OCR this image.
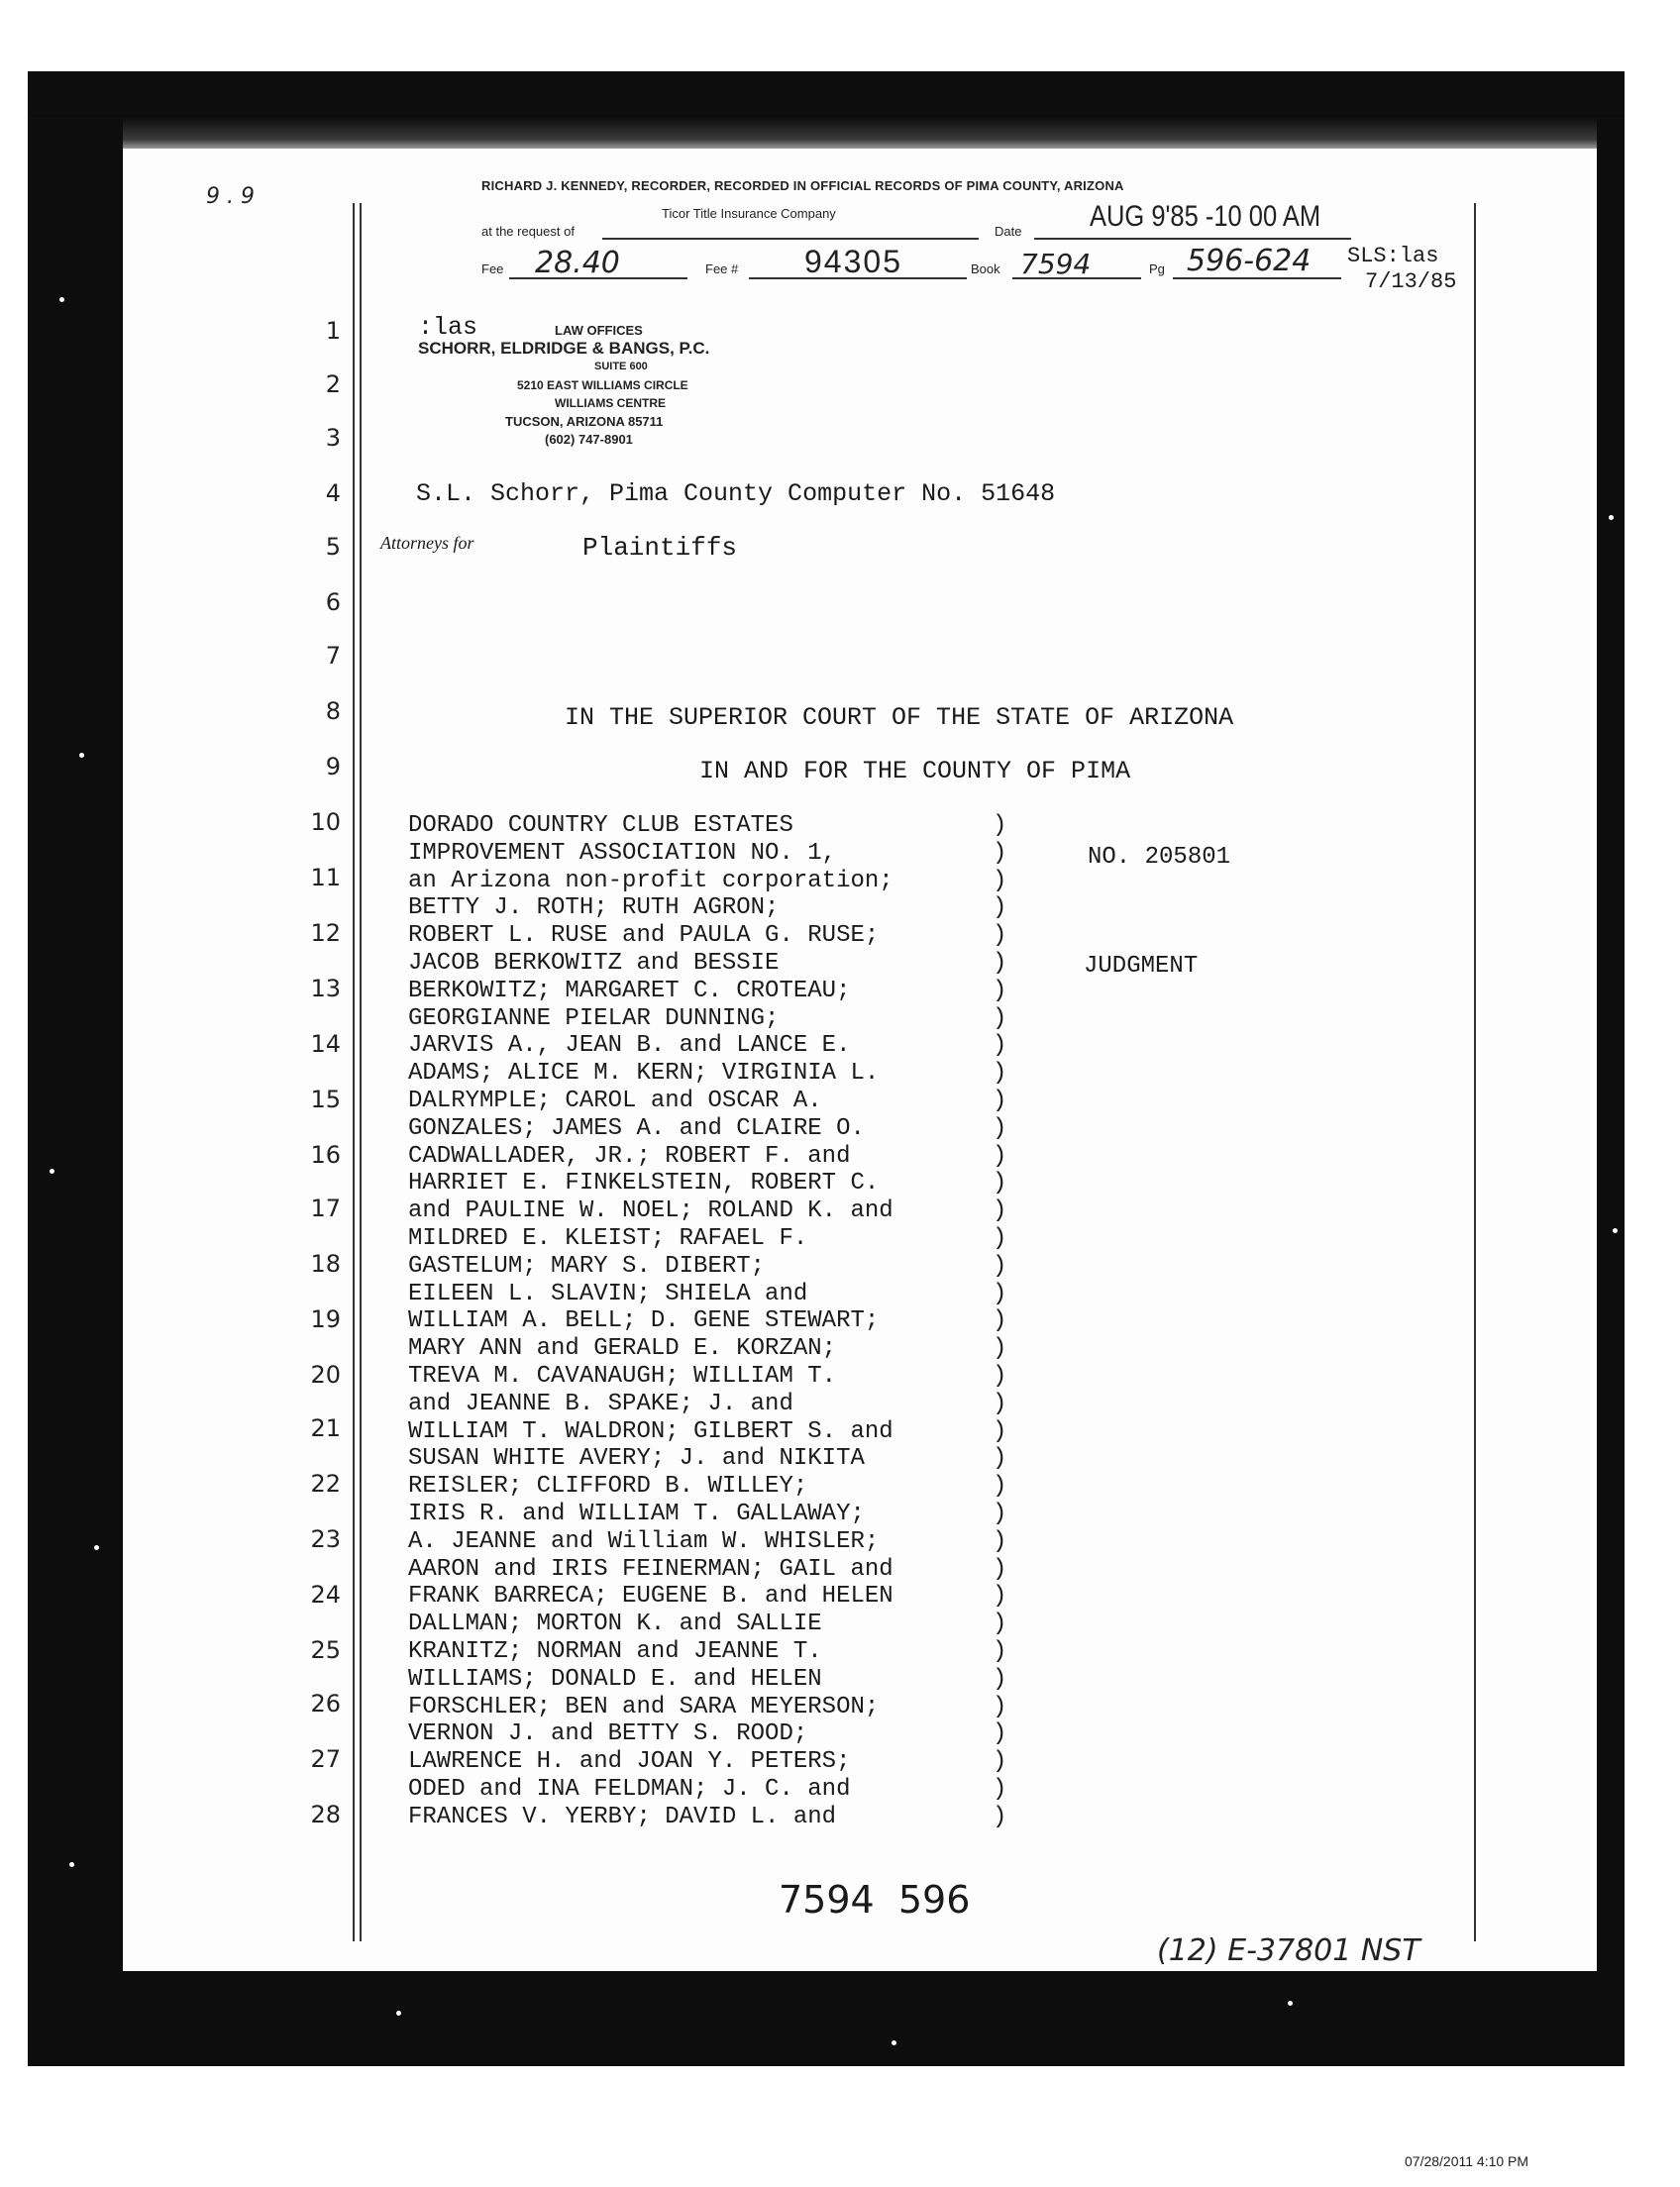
RICHARD J. KENNEDY, RECORDER, RECORDED IN OFFICIAL RECORDS OF PIMA COUNTY, ARIZONA
at the request of
Ticor Title Insurance Company
Date AUG 9'85 -10 00 AM
Fee 28.40	Fee # 94305	Book 7594	Pg 596-624 SLS:las
7/13/85
9 . 9
1
2
3
4
5
6
7
8
9
10
11
12
13
14
15
16
17
18
19
20
21
22
23
24
25
26
27
28
:las	LAW OFFICES
SCHORR, ELDRIDGE & BANGS, P.C.
SUITE 600
5210 EAST WILLIAMS CIRCLE
WILLIAMS CENTRE
TUCSON, ARIZONA 85711
(602) 747-8901
S.L. Schorr, Pima County Computer No. 51648
Attorneys for	Plaintiffs
IN THE SUPERIOR COURT OF THE STATE OF ARIZONA
IN AND FOR THE COUNTY OF PIMA
DORADO COUNTRY CLUB ESTATES	)
IMPROVEMENT ASSOCIATION NO. 1,	)
an Arizona non-profit corporation;	)
BETTY J. ROTH; RUTH AGRON;	)
ROBERT L. RUSE and PAULA G. RUSE;	)
JACOB BERKOWITZ and BESSIE	)
BERKOWITZ; MARGARET C. CROTEAU;	)
GEORGIANNE PIELAR DUNNING;	)
JARVIS A., JEAN B. and LANCE E.	)
ADAMS; ALICE M. KERN; VIRGINIA L.	)
DALRYMPLE; CAROL and OSCAR A.	)
GONZALES; JAMES A. and CLAIRE O.	)
CADWALLADER, JR.; ROBERT F. and	)
HARRIET E. FINKELSTEIN, ROBERT C.	)
and PAULINE W. NOEL; ROLAND K. and	)
MILDRED E. KLEIST; RAFAEL F.	)
GASTELUM; MARY S. DIBERT;	)
EILEEN L. SLAVIN; SHIELA and	)
WILLIAM A. BELL; D. GENE STEWART;	)
MARY ANN and GERALD E. KORZAN;	)
TREVA M. CAVANAUGH; WILLIAM T.	)
and JEANNE B. SPAKE; J. and	)
WILLIAM T. WALDRON; GILBERT S. and	)
SUSAN WHITE AVERY; J. and NIKITA	)
REISLER; CLIFFORD B. WILLEY;	)
IRIS R. and WILLIAM T. GALLAWAY;	)
A. JEANNE and William W. WHISLER;	)
AARON and IRIS FEINERMAN; GAIL and	)
FRANK BARRECA; EUGENE B. and HELEN	)
DALLMAN; MORTON K. and SALLIE	)
KRANITZ; NORMAN and JEANNE T.	)
WILLIAMS; DONALD E. and HELEN	)
FORSCHLER; BEN and SARA MEYERSON;	)
VERNON J. and BETTY S. ROOD;	)
LAWRENCE H. and JOAN Y. PETERS;	)
ODED and INA FELDMAN; J. C. and	)
FRANCES V. YERBY; DAVID L. and	)
NO. 205801
JUDGMENT
7594  596
(12) E-37801 NST
07/28/2011 4:10 PM
